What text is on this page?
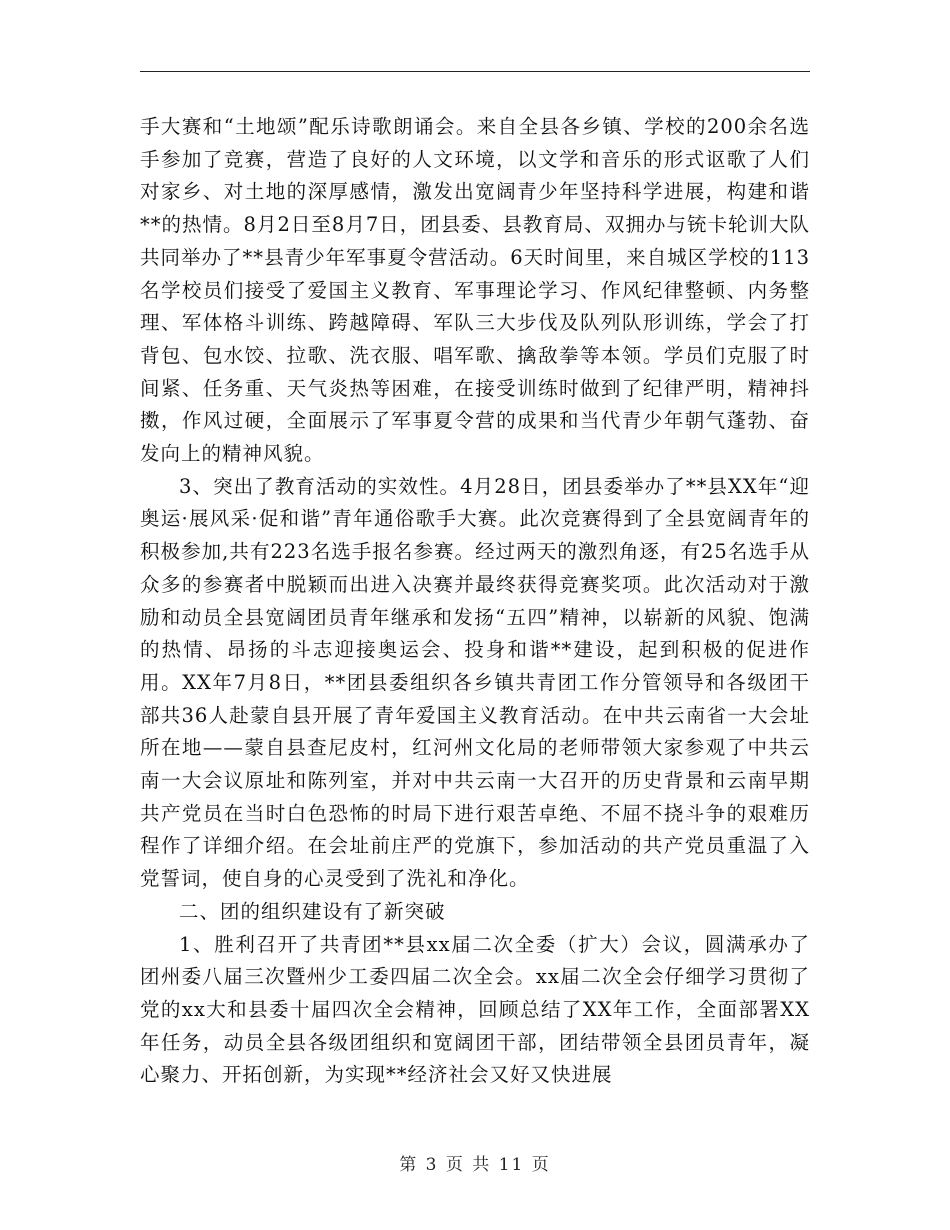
手大赛和“土地颂”配乐诗歌朗诵会。来自全县各乡镇、学校的200余名选手参加了竞赛，营造了良好的人文环境，以文学和音乐的形式讴歌了人们对家乡、对土地的深厚感情，激发出宽阔青少年坚持科学进展，构建和谐**的热情。8月2日至8月7日，团县委、县教育局、双拥办与铳卡轮训大队共同举办了**县青少年军事夏令营活动。6天时间里，来自城区学校的113名学校员们接受了爱国主义教育、军事理论学习、作风纪律整顿、内务整理、军体格斗训练、跨越障碍、军队三大步伐及队列队形训练，学会了打背包、包水饺、拉歌、洗衣服、唱军歌、擒敌拳等本领。学员们克服了时间紧、任务重、天气炎热等困难，在接受训练时做到了纪律严明，精神抖擞，作风过硬，全面展示了军事夏令营的成果和当代青少年朝气蓬勃、奋发向上的精神风貌。

3、突出了教育活动的实效性。4月28日，团县委举办了**县XX年“迎奥运·展风采·促和谐”青年通俗歌手大赛。此次竞赛得到了全县宽阔青年的积极参加,共有223名选手报名参赛。经过两天的激烈角逐，有25名选手从众多的参赛者中脱颖而出进入决赛并最终获得竞赛奖项。此次活动对于激励和动员全县宽阔团员青年继承和发扬“五四”精神，以崭新的风貌、饱满的热情、昂扬的斗志迎接奥运会、投身和谐**建设，起到积极的促进作用。XX年7月8日，**团县委组织各乡镇共青团工作分管领导和各级团干部共36人赴蒙自县开展了青年爱国主义教育活动。在中共云南省一大会址所在地——蒙自县查尼皮村，红河州文化局的老师带领大家参观了中共云南一大会议原址和陈列室，并对中共云南一大召开的历史背景和云南早期共产党员在当时白色恐怖的时局下进行艰苦卓绝、不屈不挠斗争的艰难历程作了详细介绍。在会址前庄严的党旗下，参加活动的共产党员重温了入党誓词，使自身的心灵受到了洗礼和净化。

二、团的组织建设有了新突破

1、胜利召开了共青团**县xx届二次全委（扩大）会议，圆满承办了团州委八届三次暨州少工委四届二次全会。xx届二次全会仔细学习贯彻了党的xx大和县委十届四次全会精神，回顾总结了XX年工作，全面部署XX年任务，动员全县各级团组织和宽阔团干部，团结带领全县团员青年，凝心聚力、开拓创新，为实现**经济社会又好又快进展

第 3 页 共 11 页
